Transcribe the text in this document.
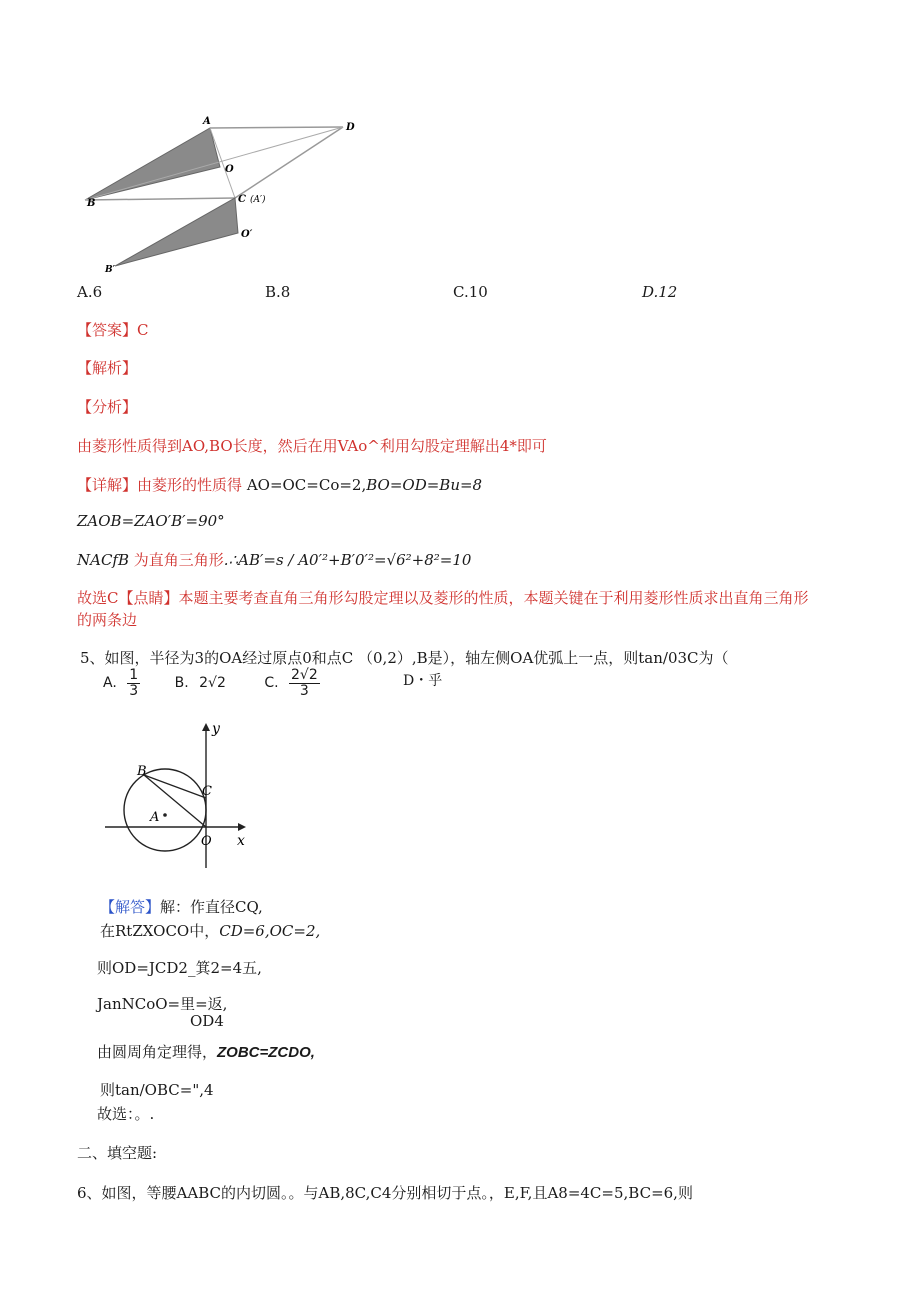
A
D
O
B	C (A′)
O′
B′
A.6	B.8	C.10	D.12
【答案】C
【解析】
【分析】
由菱形性质得到AO,BO长度，然后在用VAo^利用勾股定理解出4*即可
【详解】由菱形的性质得 AO=OC=Co=2,BO=OD=Bu=8
ZAOB=ZAO′B′=90°
NACfB 为直角三角形.∴AB′=s / A0′²+B′0′²=√6²+8²=10
故选C【点睛】本题主要考查直角三角形勾股定理以及菱形的性质，本题关键在于利用菱形性质求出直角三角形
的两条边
5、如图，半径为3的OA经过原点0和点C （0,2）,B是），轴左侧OA优弧上一点，则tan/03C为（
D・乎
A. $\frac{1}{3} B$. 2√2	C. $\frac{2√2}{3}$
y
x
B
C
A
O
【解答】解：作直径CQ,
在RtZXOCO中，CD=6,OC=2,
则OD=JCD2_箕2=4五,
JanNCoO=里=返,
OD4
由圆周角定理得，ZOBC=ZCDO,
则tan/OBC=",4
故选：。.
二、填空题:
6、如图，等腰AABC的内切圆。。与AB,8C,C4分别相切于点。，E,F,且A8=4C=5,BC=6,则
